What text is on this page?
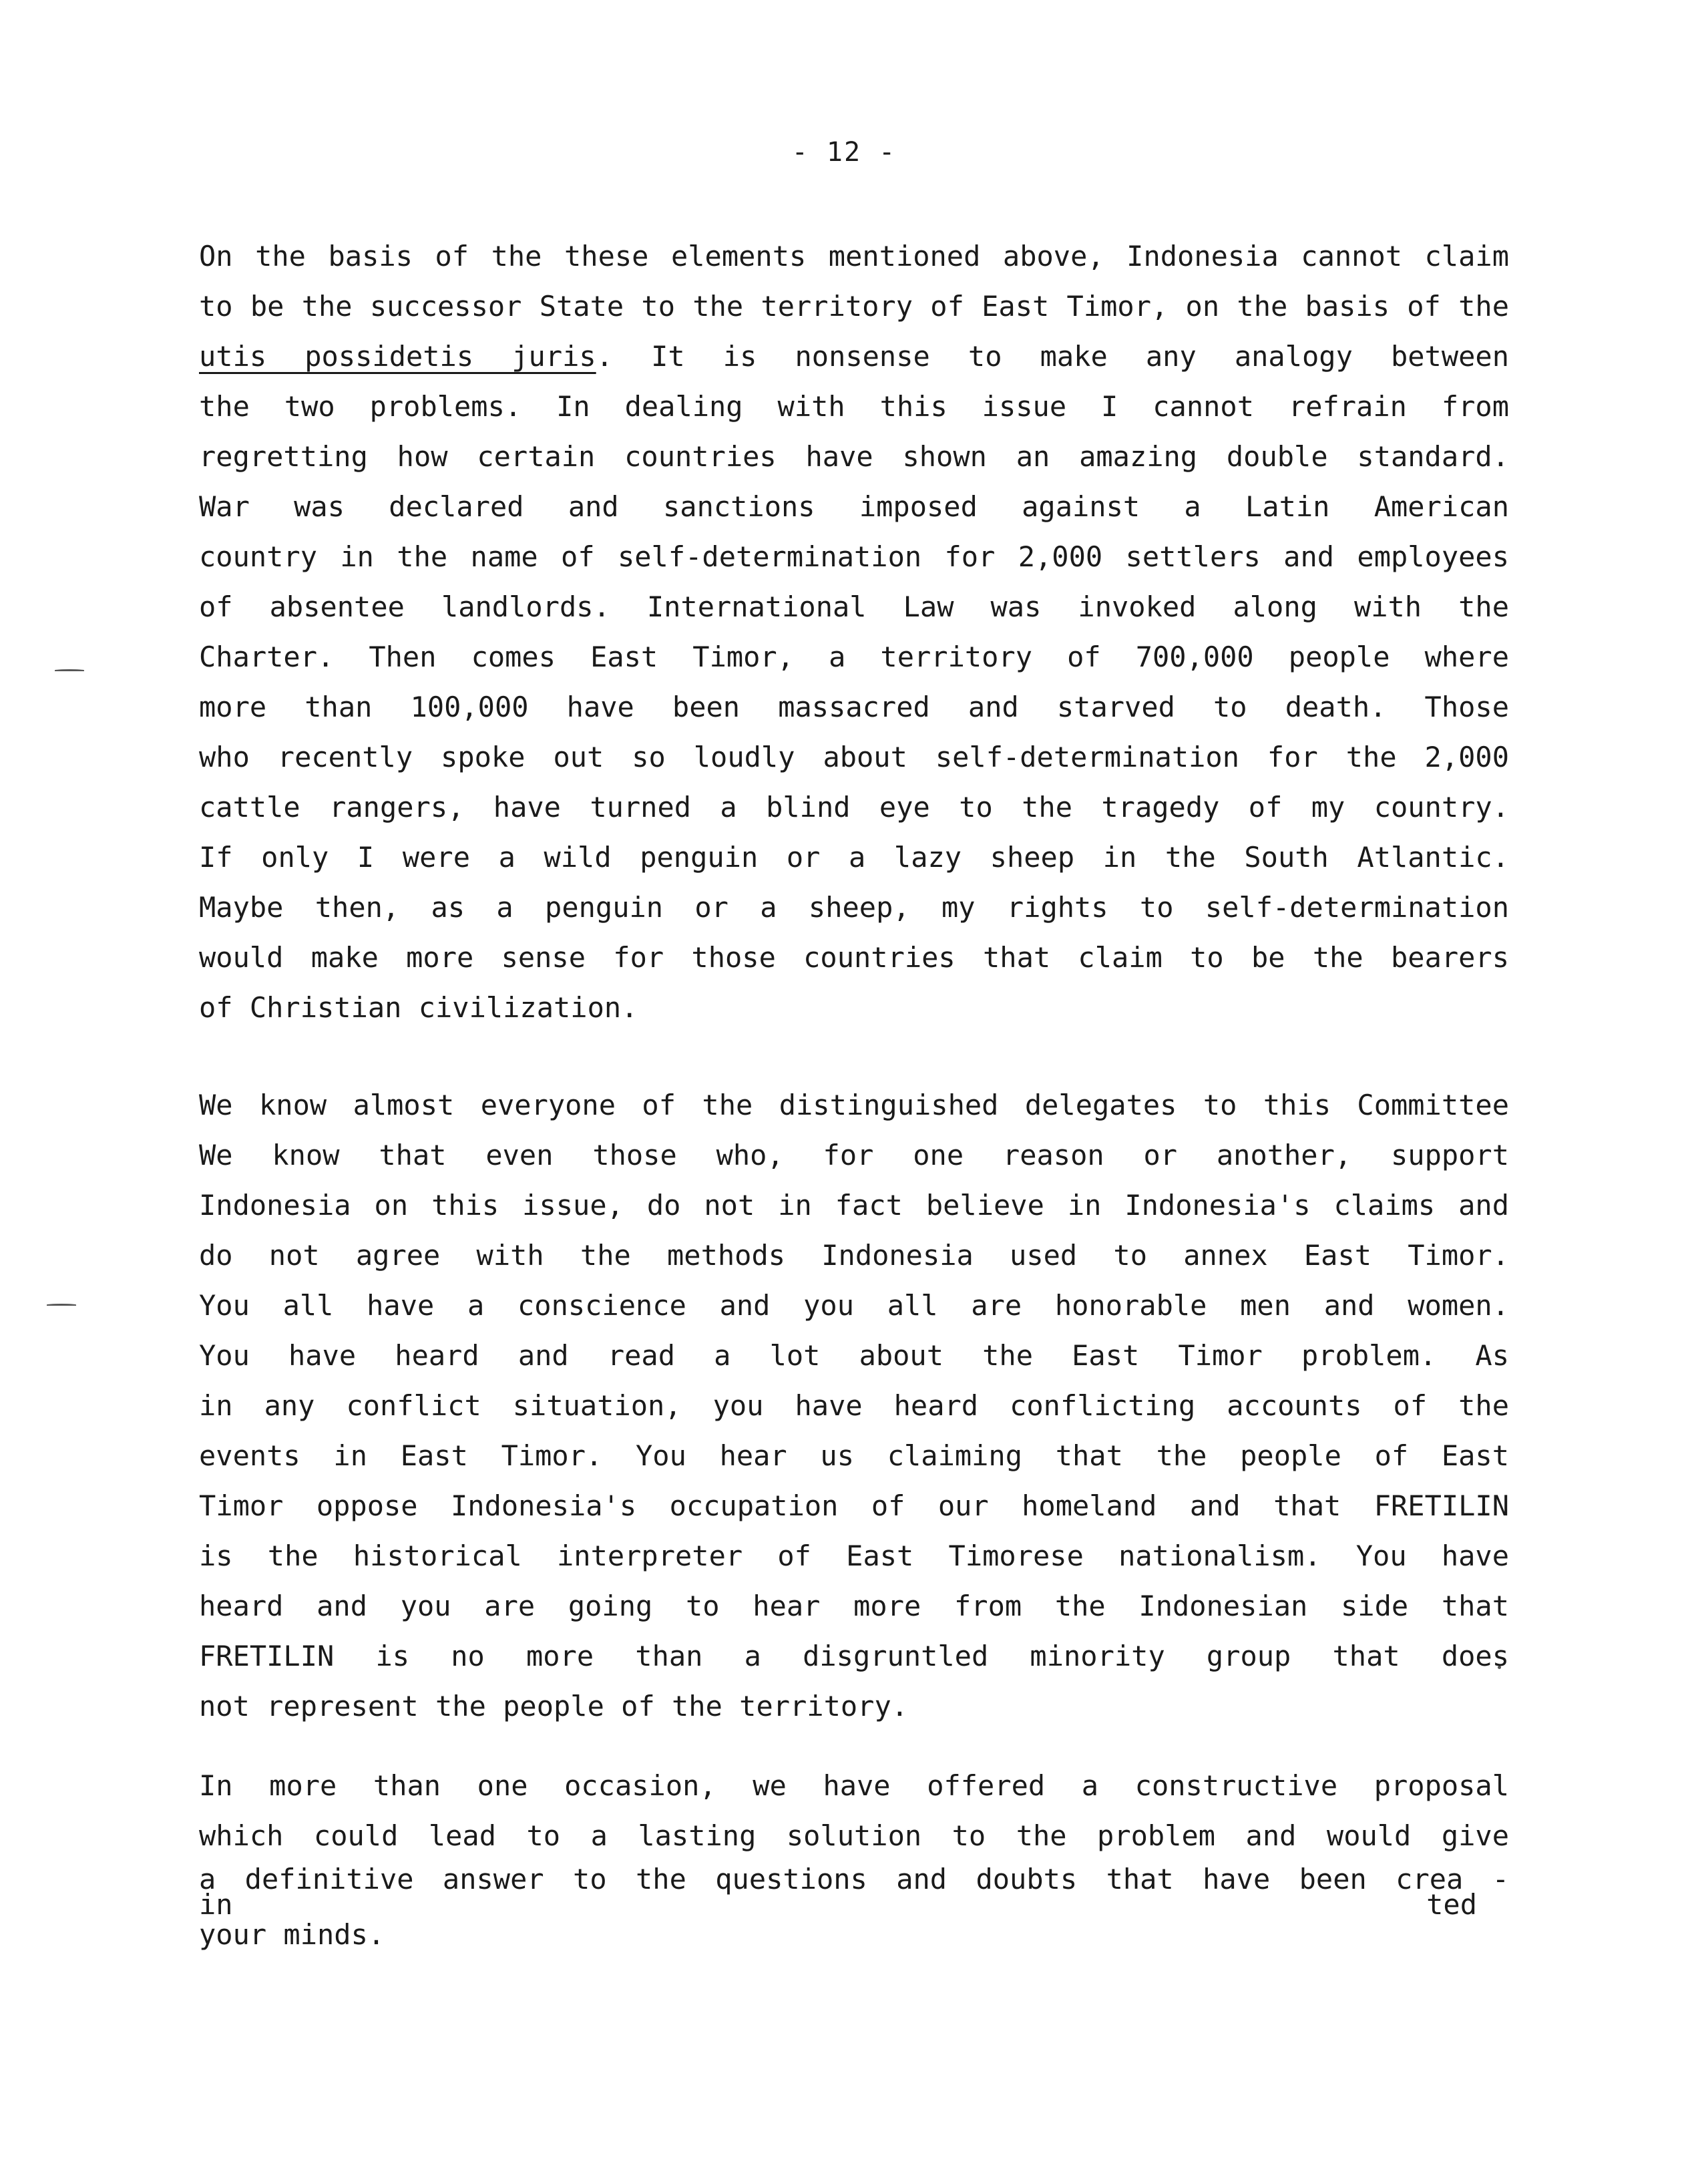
- 12 -
On the basis of the these elements mentioned above, Indonesia cannot claim
to be the successor State to the territory of East Timor, on the basis of the
utis possidetis juris. It is nonsense to make any analogy between
the two problems. In dealing with this issue I cannot refrain from
regretting how certain countries have shown an amazing double standard.
War was declared and sanctions imposed against a Latin American
country in the name of self-determination for 2,000 settlers and employees
of absentee landlords. International Law was invoked along with the
Charter. Then comes East Timor, a territory of 700,000 people where
more than 100,000 have been massacred and starved to death. Those
who recently spoke out so loudly about self-determination for the 2,000
cattle rangers, have turned a blind eye to the tragedy of my country.
If only I were a wild penguin or a lazy sheep in the South Atlantic.
Maybe then, as a penguin or a sheep, my rights to self-determination
would make more sense for those countries that claim to be the bearers
of Christian civilization.
We know almost everyone of the distinguished delegates to this Committee
We know that even those who, for one reason or another, support
Indonesia on this issue, do not in fact believe in Indonesia's claims and
do not agree with the methods Indonesia used to annex East Timor.
You all have a conscience and you all are honorable men and women.
You have heard and read a lot about the East Timor problem. As
in any conflict situation, you have heard conflicting accounts of the
events in East Timor. You hear us claiming that the people of East
Timor oppose Indonesia's occupation of our homeland and that FRETILIN
is the historical interpreter of East Timorese nationalism. You have
heard and you are going to hear more from the Indonesian side that
FRETILIN is no more than a disgruntled minority group that does
not represent the people of the territory.
In more than one occasion, we have offered a constructive proposal
which could lead to a lasting solution to the problem and would give
a definitive answer to the questions and doubts that have been crea -
in	ted
your minds.
